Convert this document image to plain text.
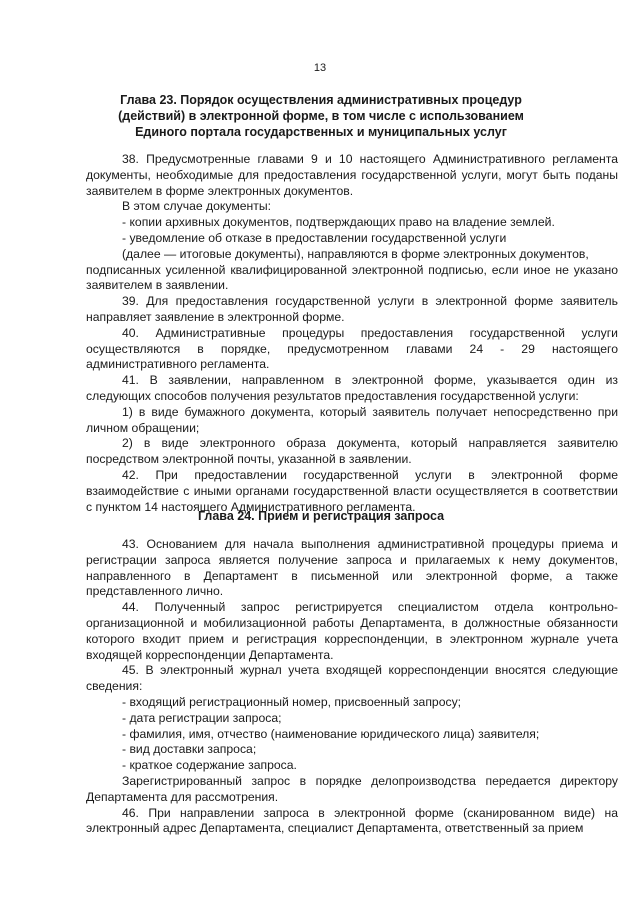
13
Глава 23. Порядок осуществления административных процедур (действий) в электронной форме, в том числе с использованием Единого портала государственных и муниципальных услуг

38. Предусмотренные главами 9 и 10 настоящего Административного регламента документы, необходимые для предоставления государственной услуги, могут быть поданы заявителем в форме электронных документов.

В этом случае документы:

- копии архивных документов, подтверждающих право на владение землей.

- уведомление об отказе в предоставлении государственной услуги

(далее — итоговые документы), направляются в форме электронных документов,

подписанных усиленной квалифицированной электронной подписью, если иное не указано заявителем в заявлении.

39. Для предоставления государственной услуги в электронной форме заявитель направляет заявление в электронной форме.

40. Административные процедуры предоставления государственной услуги осуществляются в порядке, предусмотренном главами 24 - 29 настоящего административного регламента.

41. В заявлении, направленном в электронной форме, указывается один из следующих способов получения результатов предоставления государственной услуги:

1) в виде бумажного документа, который заявитель получает непосредственно при личном обращении;

2) в виде электронного образа документа, который направляется заявителю посредством электронной почты, указанной в заявлении.

42. При предоставлении государственной услуги в электронной форме взаимодействие с иными органами государственной власти осуществляется в соответствии с пунктом 14 настоящего Административного регламента.

Глава 24. Прием и регистрация запроса

43. Основанием для начала выполнения административной процедуры приема и регистрации запроса является получение запроса и прилагаемых к нему документов, направленного в Департамент в письменной или электронной форме, а также представленного лично.

44. Полученный запрос регистрируется специалистом отдела контрольно-организационной и мобилизационной работы Департамента, в должностные обязанности которого входит прием и регистрация корреспонденции, в электронном журнале учета входящей корреспонденции Департамента.

45. В электронный журнал учета входящей корреспонденции вносятся следующие сведения:

- входящий регистрационный номер, присвоенный запросу;

- дата регистрации запроса;

- фамилия, имя, отчество (наименование юридического лица) заявителя;

- вид доставки запроса;

- краткое содержание запроса.

Зарегистрированный запрос в порядке делопроизводства передается директору Департамента для рассмотрения.

46. При направлении запроса в электронной форме (сканированном виде) на электронный адрес Департамента, специалист Департамента, ответственный за прием
